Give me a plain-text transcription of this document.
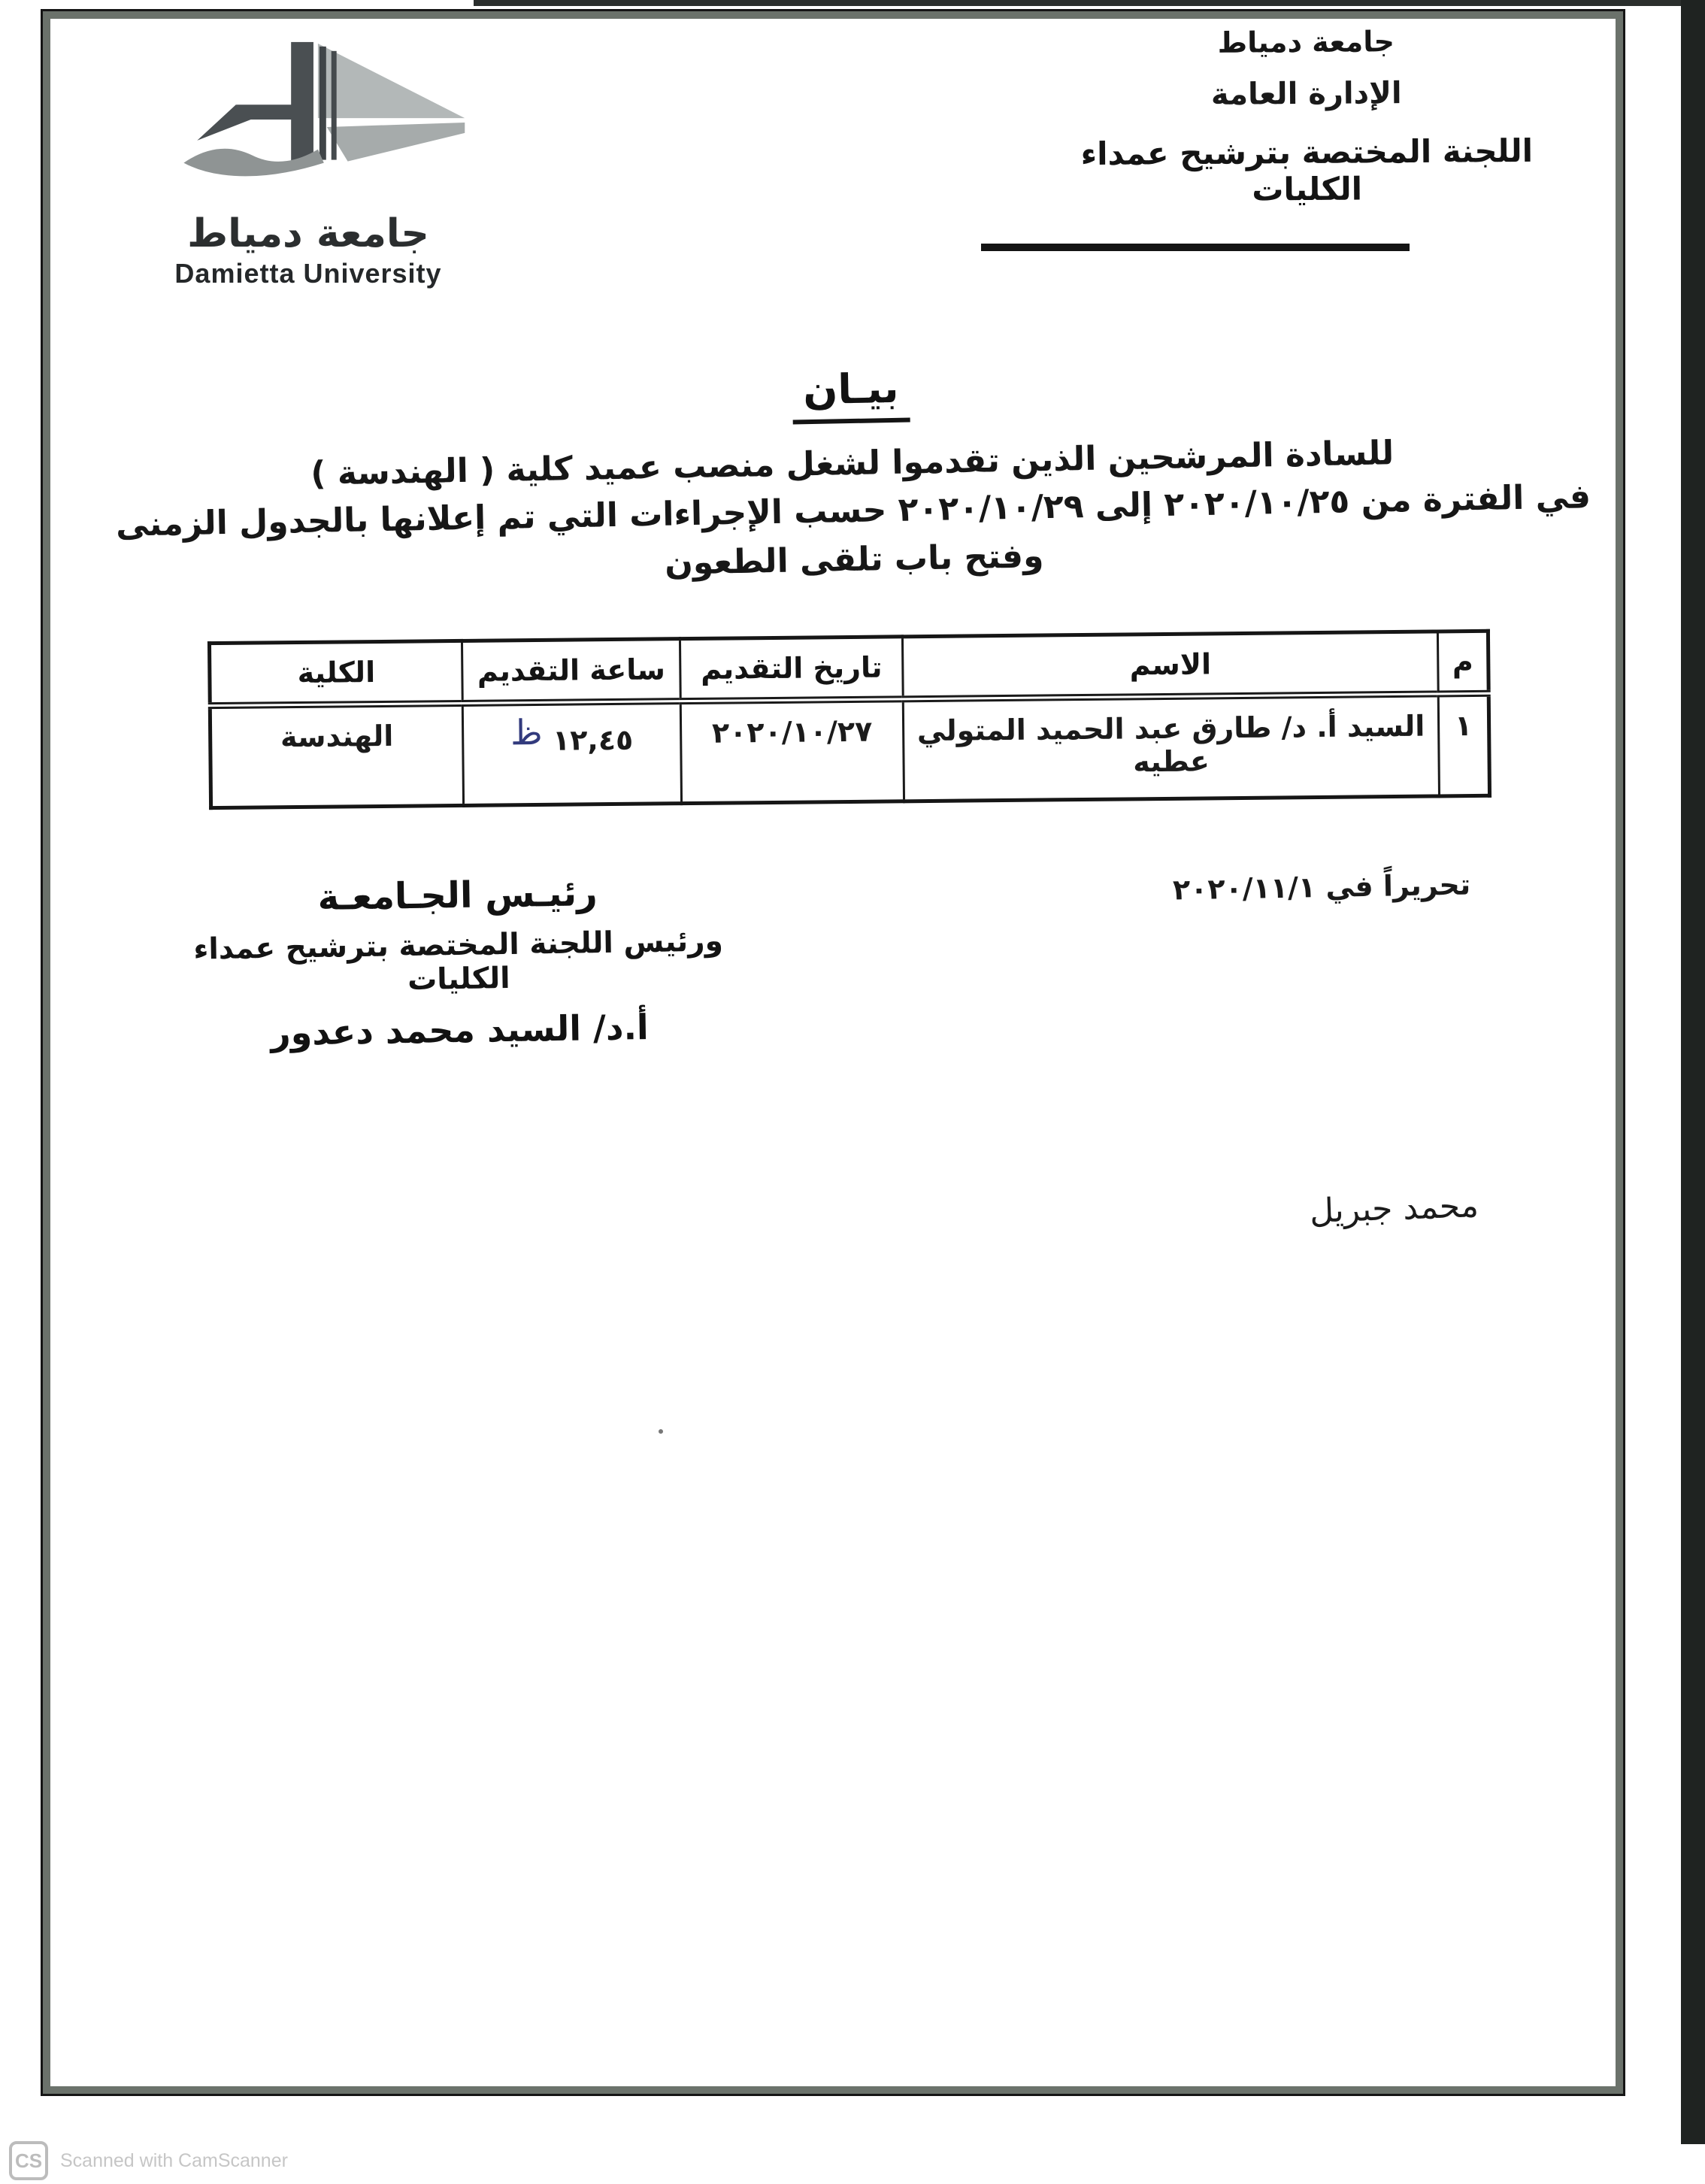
جامعة دمياط
Damietta University
جامعة دمياط
الإدارة العامة
اللجنة المختصة بترشيح عمداء الكليات
بيـان
للسادة المرشحين الذين تقدموا لشغل منصب عميد كلية ( الهندسة )
في الفترة من ٢٠٢٠/١٠/٢٥ إلى ٢٠٢٠/١٠/٢٩ حسب الإجراءات التي تم إعلانها بالجدول الزمنى
وفتح باب تلقى الطعون
م	الاسم	تاريخ التقديم	ساعة التقديم	الكلية
١	السيد أ. د/ طارق عبد الحميد المتولي عطيه	٢٠٢٠/١٠/٢٧	١٢,٤٥ ظ	الهندسة
تحريراً في ٢٠٢٠/١١/١
رئيـس الجـامعـة
ورئيس اللجنة المختصة بترشيح عمداء الكليات
أ.د/ السيد محمد دعدور
محمد جبريل
CS Scanned with CamScanner
